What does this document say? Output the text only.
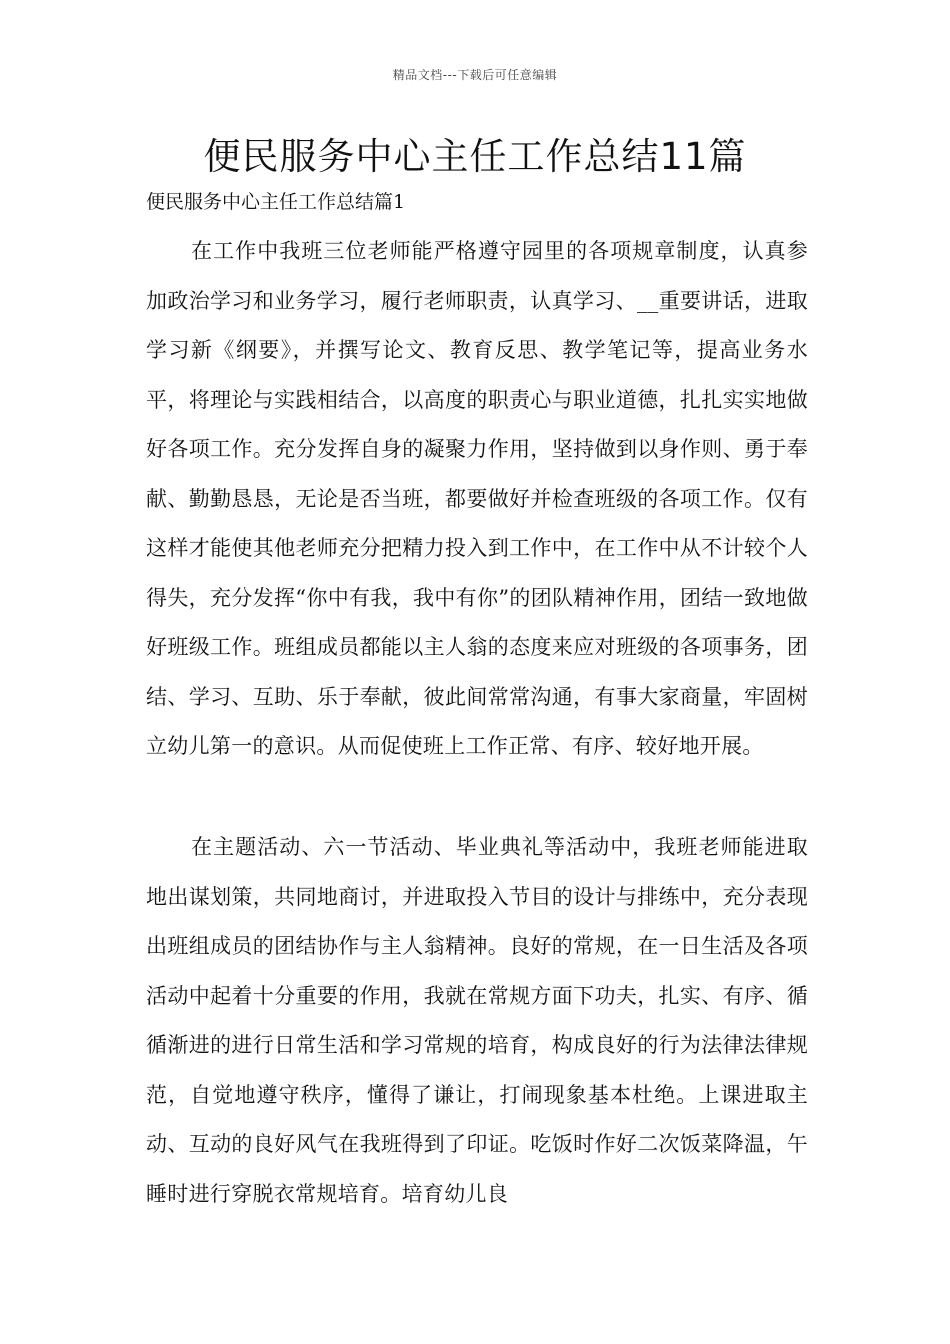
精品文档---下载后可任意编辑
便民服务中心主任工作总结11篇
便民服务中心主任工作总结篇1

在工作中我班三位老师能严格遵守园里的各项规章制度，认真参加政治学习和业务学习，履行老师职责，认真学习、__重要讲话，进取学习新《纲要》，并撰写论文、教育反思、教学笔记等，提高业务水平，将理论与实践相结合，以高度的职责心与职业道德，扎扎实实地做好各项工作。充分发挥自身的凝聚力作用，坚持做到以身作则、勇于奉献、勤勤恳恳，无论是否当班，都要做好并检查班级的各项工作。仅有这样才能使其他老师充分把精力投入到工作中，在工作中从不计较个人得失，充分发挥“你中有我，我中有你”的团队精神作用，团结一致地做好班级工作。班组成员都能以主人翁的态度来应对班级的各项事务，团结、学习、互助、乐于奉献，彼此间常常沟通，有事大家商量，牢固树立幼儿第一的意识。从而促使班上工作正常、有序、较好地开展。

在主题活动、六一节活动、毕业典礼等活动中，我班老师能进取地出谋划策，共同地商讨，并进取投入节目的设计与排练中，充分表现出班组成员的团结协作与主人翁精神。良好的常规，在一日生活及各项活动中起着十分重要的作用，我就在常规方面下功夫，扎实、有序、循循渐进的进行日常生活和学习常规的培育，构成良好的行为法律法律规范，自觉地遵守秩序，懂得了谦让，打闹现象基本杜绝。上课进取主动、互动的良好风气在我班得到了印证。吃饭时作好二次饭菜降温，午睡时进行穿脱衣常规培育。培育幼儿良
